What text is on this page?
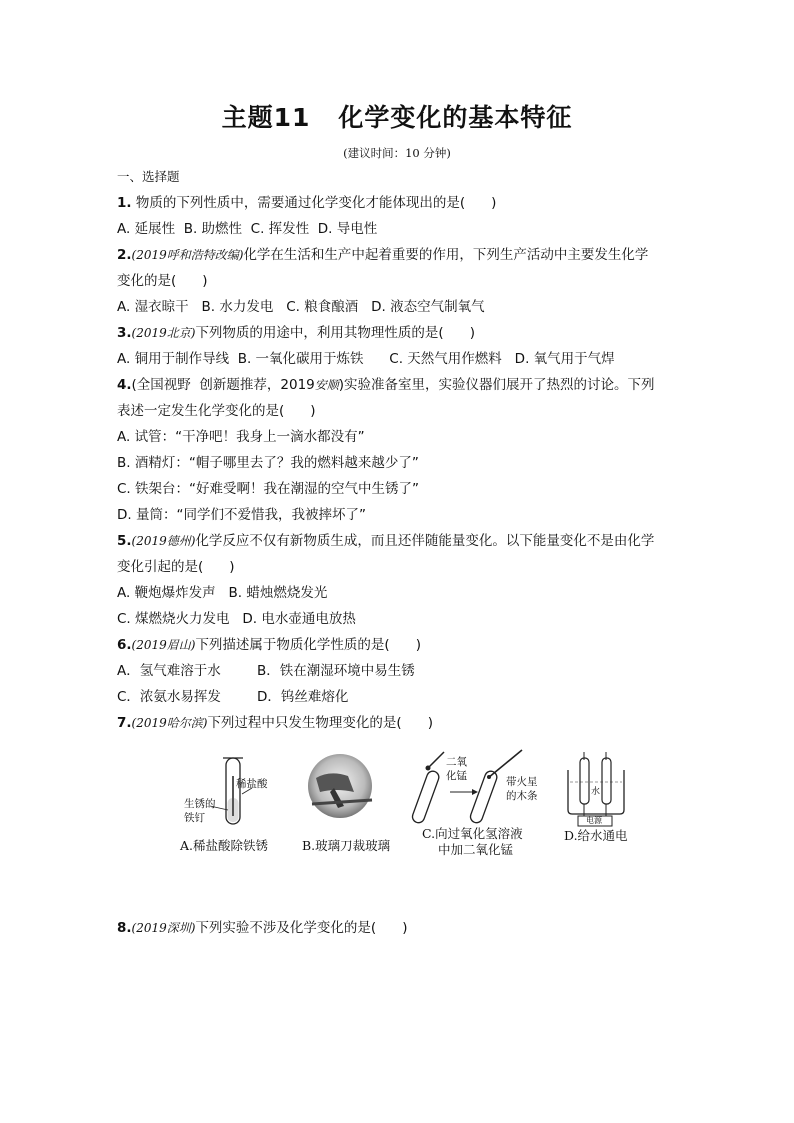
主题11 化学变化的基本特征
(建议时间：10 分钟)
一、选择题
1. 物质的下列性质中，需要通过化学变化才能体现出的是( )
A. 延展性 B. 助燃性 C. 挥发性 D. 导电性
2.(2019呼和浩特改编)化学在生活和生产中起着重要的作用，下列生产活动中主要发生化学
变化的是( )
A. 湿衣晾干 B. 水力发电 C. 粮食酿酒 D. 液态空气制氧气
3.(2019北京)下列物质的用途中，利用其物理性质的是( )
A. 铜用于制作导线 B. 一氧化碳用于炼铁 C. 天然气用作燃料 D. 氧气用于气焊
4.(全国视野 创新题推荐，2019安顺)实验准备室里，实验仪器们展开了热烈的讨论。下列
表述一定发生化学变化的是( )
A. 试管：“干净吧！我身上一滴水都没有”
B. 酒精灯：“帽子哪里去了？我的燃料越来越少了”
C. 铁架台：“好难受啊！我在潮湿的空气中生锈了”
D. 量筒：“同学们不爱惜我，我被摔坏了”
5.(2019德州)化学反应不仅有新物质生成，而且还伴随能量变化。以下能量变化不是由化学
变化引起的是( )
A. 鞭炮爆炸发声 B. 蜡烛燃烧发光
C. 煤燃烧火力发电 D. 电水壶通电放热
6.(2019眉山)下列描述属于物质化学性质的是( )
A．氢气难溶于水	B．铁在潮湿环境中易生锈
C．浓氨水易挥发	D．钨丝难熔化
7.(2019哈尔滨)下列过程中只发生物理变化的是( )
稀盐酸
生锈的
铁钉
A.稀盐酸除铁锈	B.玻璃刀裁玻璃
二氧
化锰	带火星
的木条
C.向过氧化氢溶液
中加二氧化锰
水
电源
D.给水通电
8.(2019深圳)下列实验不涉及化学变化的是( )
